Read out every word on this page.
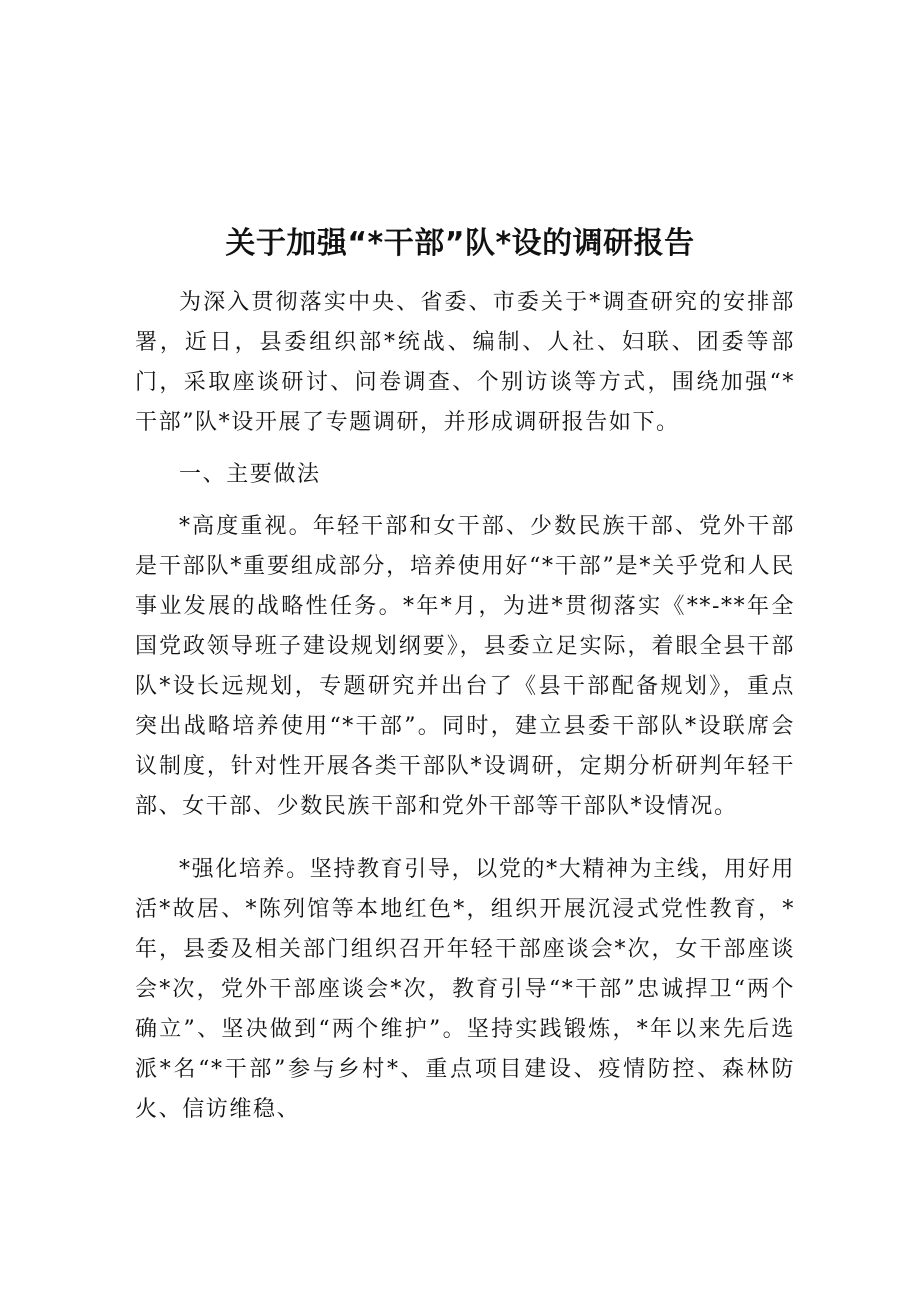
关于加强“*干部”队*设的调研报告

为深入贯彻落实中央、省委、市委关于*调查研究的安排部署，近日，县委组织部*统战、编制、人社、妇联、团委等部门，采取座谈研讨、问卷调查、个别访谈等方式，围绕加强“*干部”队*设开展了专题调研，并形成调研报告如下。

一、主要做法

*高度重视。年轻干部和女干部、少数民族干部、党外干部是干部队*重要组成部分，培养使用好“*干部”是*关乎党和人民事业发展的战略性任务。*年*月，为进*贯彻落实《**-**年全国党政领导班子建设规划纲要》，县委立足实际，着眼全县干部队*设长远规划，专题研究并出台了《县干部配备规划》，重点突出战略培养使用“*干部”。同时，建立县委干部队*设联席会议制度，针对性开展各类干部队*设调研，定期分析研判年轻干部、女干部、少数民族干部和党外干部等干部队*设情况。

*强化培养。坚持教育引导，以党的*大精神为主线，用好用活*故居、*陈列馆等本地红色*，组织开展沉浸式党性教育，*年，县委及相关部门组织召开年轻干部座谈会*次，女干部座谈会*次，党外干部座谈会*次，教育引导“*干部”忠诚捍卫“两个确立”、坚决做到“两个维护”。坚持实践锻炼，*年以来先后选派*名“*干部”参与乡村*、重点项目建设、疫情防控、森林防火、信访维稳、
